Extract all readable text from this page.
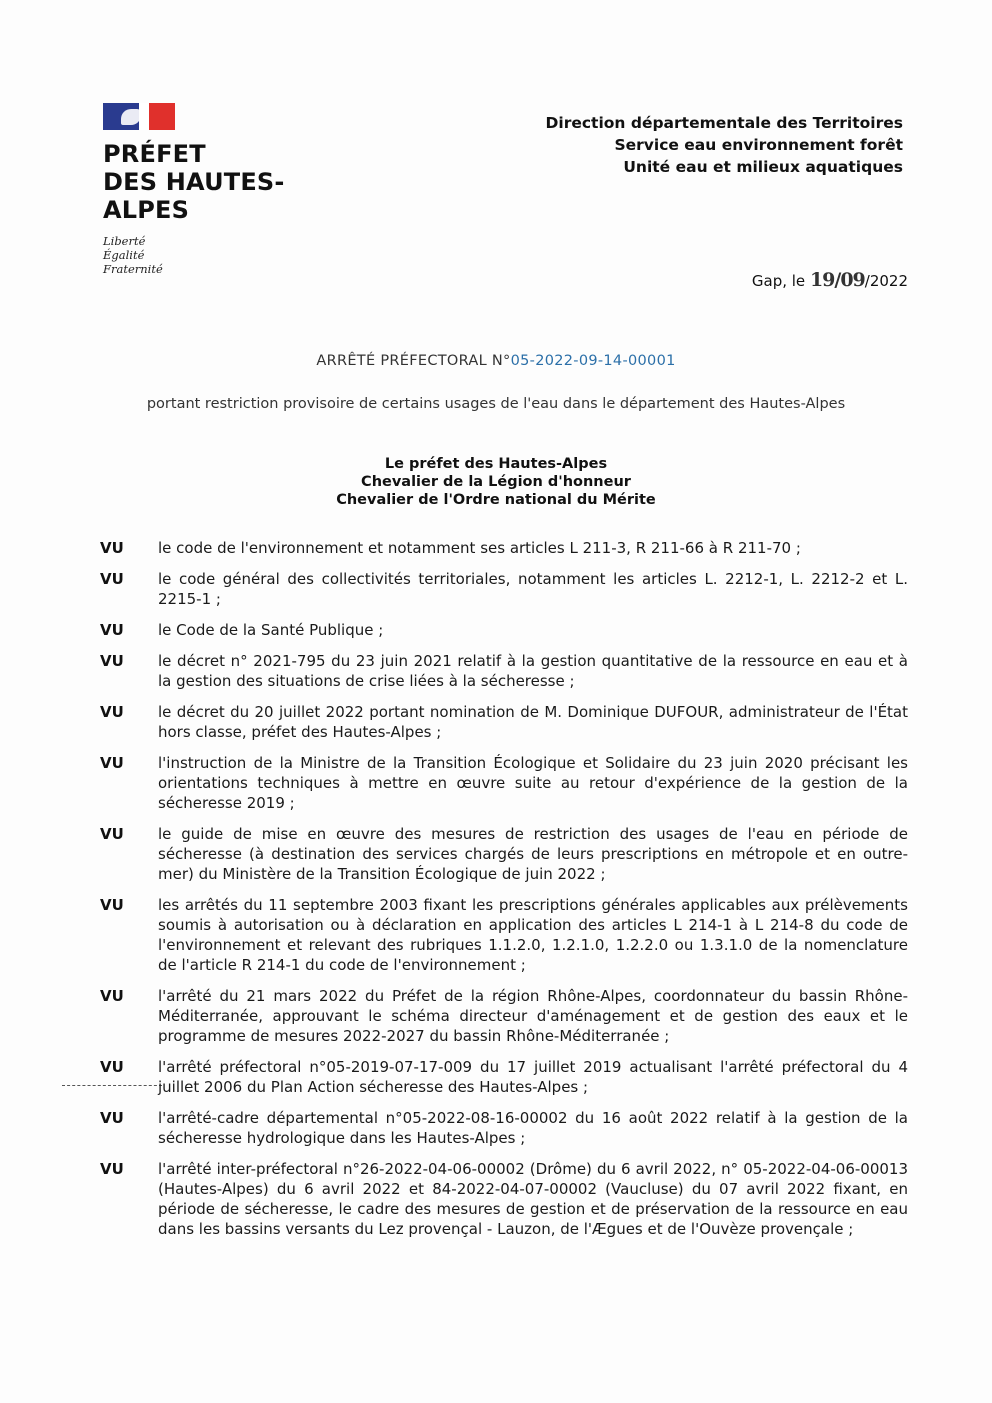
PRÉFET
DES HAUTES-
ALPES
Liberté
Égalité
Fraternité
Direction départementale des Territoires
Service eau environnement forêt
Unité eau et milieux aquatiques
Gap, le 19/09 /2022
ARRÊTÉ PRÉFECTORAL N°05-2022-09-14-00001
portant restriction provisoire de certains usages de l'eau dans le département des Hautes-Alpes
Le préfet des Hautes-Alpes
Chevalier de la Légion d'honneur
Chevalier de l'Ordre national du Mérite
VU	le code de l'environnement et notamment ses articles L 211-3, R 211-66 à R 211-70 ;
VU	le code général des collectivités territoriales, notamment les articles L. 2212-1, L. 2212-2 et L. 2215-1 ;
VU	le Code de la Santé Publique ;
VU	le décret n° 2021-795 du 23 juin 2021 relatif à la gestion quantitative de la ressource en eau et à la gestion des situations de crise liées à la sécheresse ;
VU	le décret du 20 juillet 2022 portant nomination de M. Dominique DUFOUR, administrateur de l'État hors classe, préfet des Hautes-Alpes ;
VU	l'instruction de la Ministre de la Transition Écologique et Solidaire du 23 juin 2020 précisant les orientations techniques à mettre en œuvre suite au retour d'expérience de la gestion de la sécheresse 2019 ;
VU	le guide de mise en œuvre des mesures de restriction des usages de l'eau en période de sécheresse (à destination des services chargés de leurs prescriptions en métropole et en outre-mer) du Ministère de la Transition Écologique de juin 2022 ;
VU	les arrêtés du 11 septembre 2003 fixant les prescriptions générales applicables aux prélèvements soumis à autorisation ou à déclaration en application des articles L 214-1 à L 214-8 du code de l'environnement et relevant des rubriques 1.1.2.0, 1.2.1.0, 1.2.2.0 ou 1.3.1.0 de la nomenclature de l'article R 214-1 du code de l'environnement ;
VU	l'arrêté du 21 mars 2022 du Préfet de la région Rhône-Alpes, coordonnateur du bassin Rhône-Méditerranée, approuvant le schéma directeur d'aménagement et de gestion des eaux et le programme de mesures 2022-2027 du bassin Rhône-Méditerranée ;
VU	l'arrêté préfectoral n°05-2019-07-17-009 du 17 juillet 2019 actualisant l'arrêté préfectoral du 4 juillet 2006 du Plan Action sécheresse des Hautes-Alpes ;
VU	l'arrêté-cadre départemental n°05-2022-08-16-00002 du 16 août 2022 relatif à la gestion de la sécheresse hydrologique dans les Hautes-Alpes ;
VU	l'arrêté inter-préfectoral n°26-2022-04-06-00002 (Drôme) du 6 avril 2022, n° 05-2022-04-06-00013 (Hautes-Alpes) du 6 avril 2022 et 84-2022-04-07-00002 (Vaucluse) du 07 avril 2022 fixant, en période de sécheresse, le cadre des mesures de gestion et de préservation de la ressource en eau dans les bassins versants du Lez provençal - Lauzon, de l'Ægues et de l'Ouvèze provençale ;
